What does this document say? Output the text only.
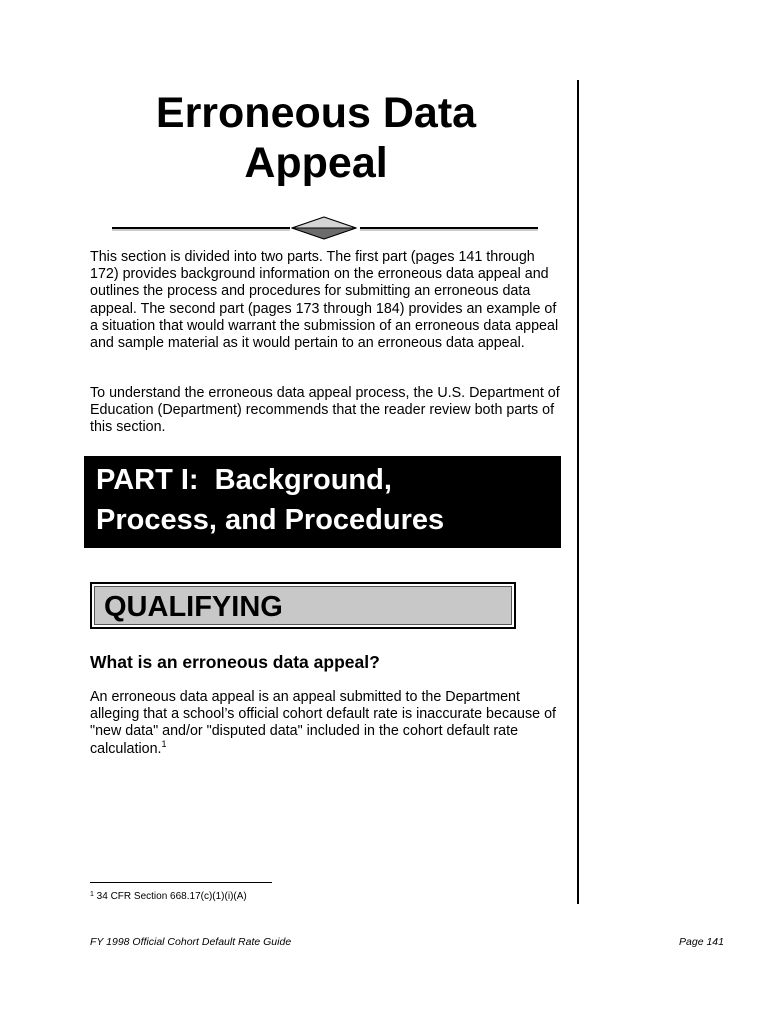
Erroneous Data
Appeal

This section is divided into two parts. The first part (pages 141 through 172) provides background information on the erroneous data appeal and outlines the process and procedures for submitting an erroneous data appeal. The second part (pages 173 through 184) provides an example of a situation that would warrant the submission of an erroneous data appeal and sample material as it would pertain to an erroneous data appeal.

To understand the erroneous data appeal process, the U.S. Department of Education (Department) recommends that the reader review both parts of this section.

PART I:  Background,
Process, and Procedures
QUALIFYING
What is an erroneous data appeal?

An erroneous data appeal is an appeal submitted to the Department alleging that a school’s official cohort default rate is inaccurate because of "new data" and/or "disputed data" included in the cohort default rate calculation.$^1$

$^1$ 34 CFR Section 668.17(c)(1)(i)(A)
FY 1998 Official Cohort Default Rate Guide	Page 141
